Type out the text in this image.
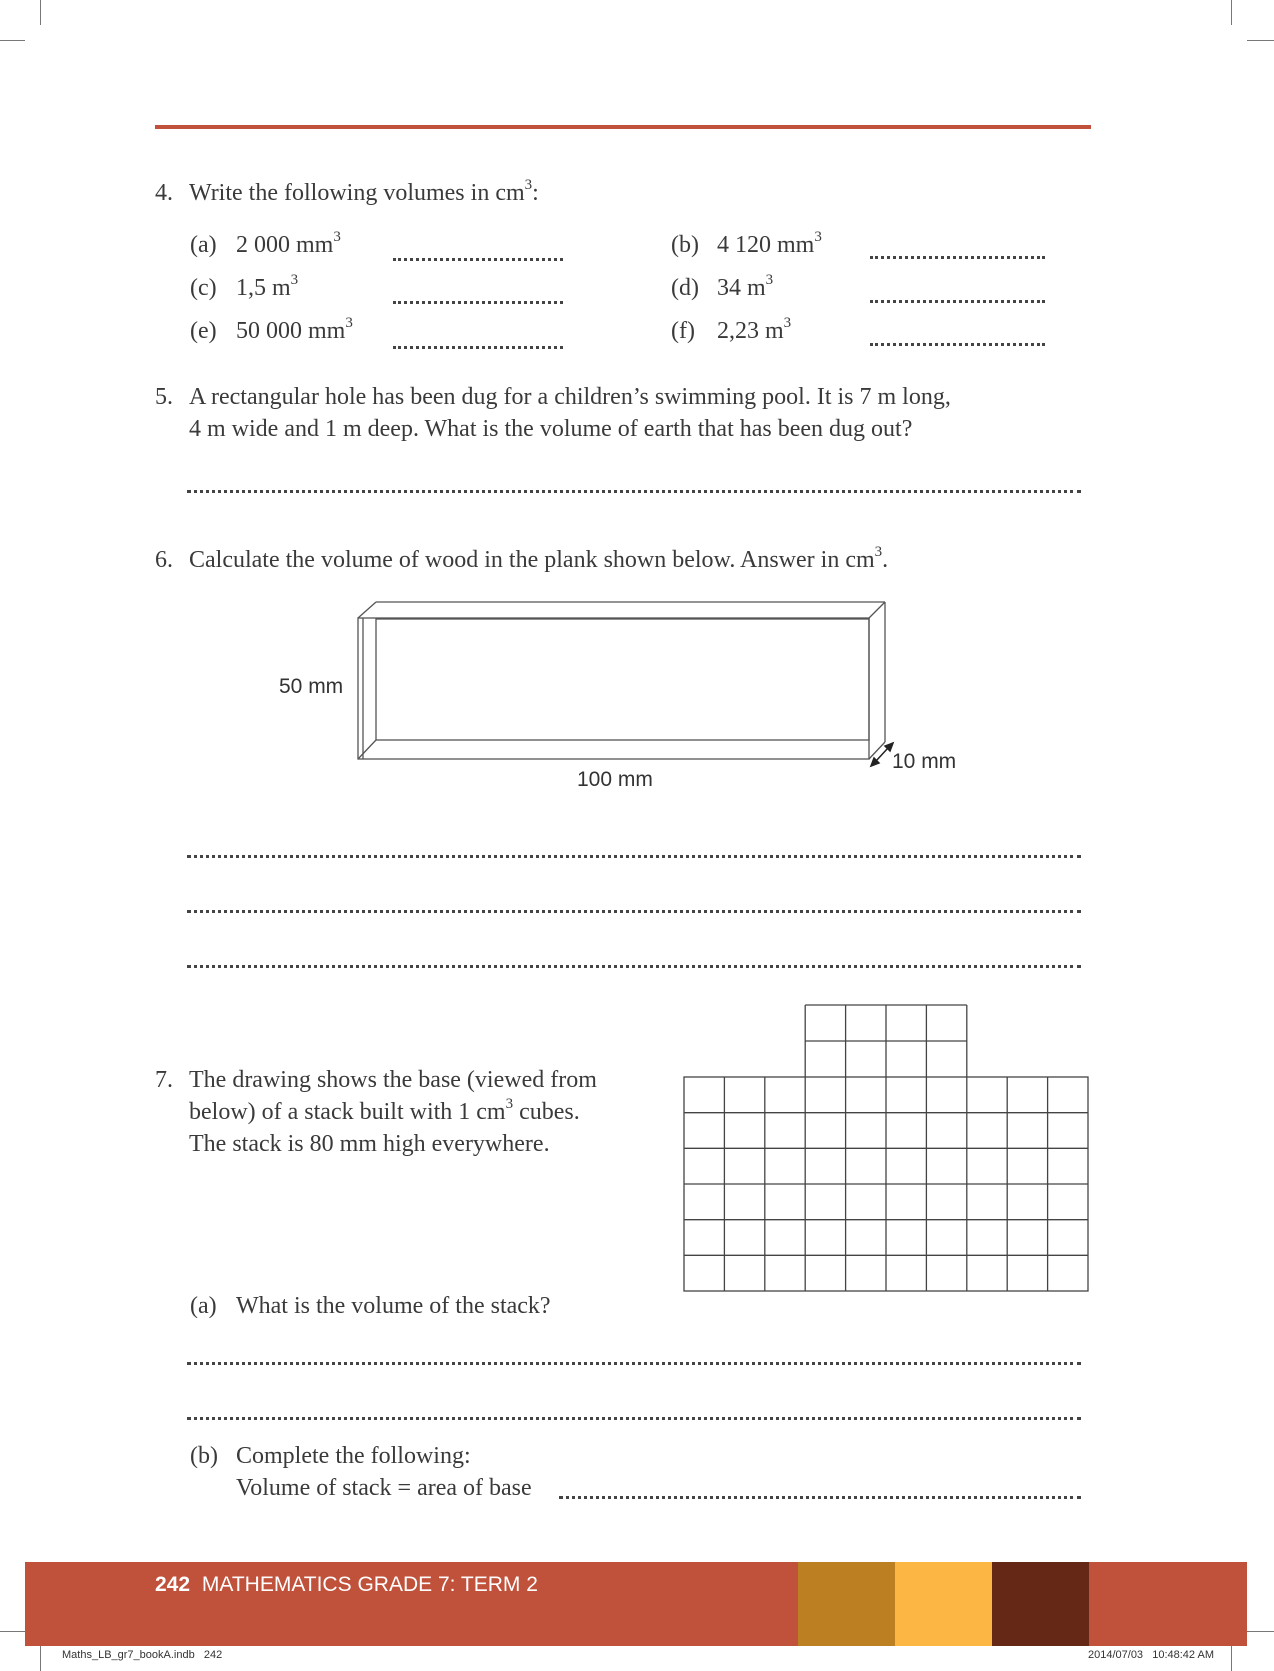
4. Write the following volumes in $cm^3$:
(a) 2 000 $mm^3$	(b) 4 120 $mm^3$
(c) 1,5 $m^3$	(d) 34 $m^3$
(e) 50 000 $mm^3$	(f) 2,23 $m^3$
5. A rectangular hole has been dug for a children’s swimming pool. It is 7 m long,
4 m wide and 1 m deep. What is the volume of earth that has been dug out?
6. Calculate the volume of wood in the plank shown below. Answer in $cm^3$.
50 mm
100 mm
10 mm
7. The drawing shows the base (viewed from
below) of a stack built with 1 $cm^3$ cubes.
The stack is 80 mm high everywhere.
(a) What is the volume of the stack?
(b) Complete the following:
Volume of stack = area of base
242 MATHEMATICS GRADE 7: TERM 2
Maths_LB_gr7_bookA.indb   242	2014/07/03   10:48:42 AM
